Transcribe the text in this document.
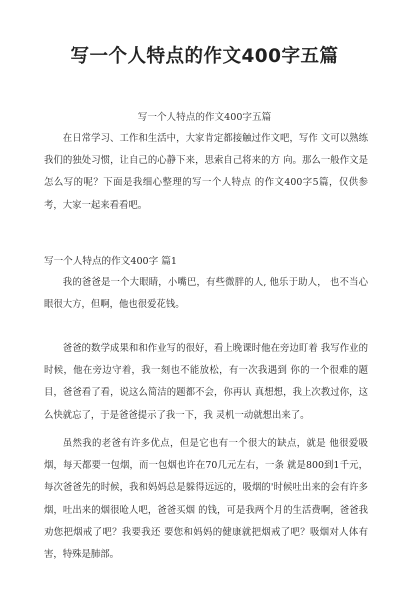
写一个人特点的作文400字五篇

写一个人特点的作文400字五篇

在日常学习、工作和生活中，大家肯定都接触过作文吧，写作 文可以熟练我们的独处习惯，让自己的心静下来，思索自己将来的方 向。那么一般作文是怎么写的呢？下面是我细心整理的写一个人特点 的作文400字5篇，仅供参考，大家一起来看看吧。

写一个人特点的作文400字 篇1

我的爸爸是一个大眼睛，小嘴巴，有些微胖的人, 他乐于助人， 也不当心眼很大方，但啊，他也很爱花钱。

爸爸的数学成果和和作业写的很好，看上晚课时他在旁边盯着 我写作业的时候，他在旁边守着，我一刻也不能放松，有一次我遇到 你的一个很难的题目，爸爸看了看，说这么简洁的题都不会，你再认 真想想，我上次教过你，这么快就忘了，于是爸爸提示了我一下，我 灵机一动就想出来了。

虽然我的老爸有许多优点，但是它也有一个很大的缺点，就是 他很爱吸烟，每天都要一包烟，而一包烟也许在70几元左右，一条 就是800到1千元，每次爸爸先的时候，我和妈妈总是躲得远远的，吸烟的'时候吐出来的会有许多烟，吐出来的烟很呛人吧，爸爸买烟 的钱，可是我两个月的生活费啊，爸爸我劝您把烟戒了吧？我要我还 要您和妈妈的健康就把烟戒了吧？吸烟对人体有害，特殊是肺部。
